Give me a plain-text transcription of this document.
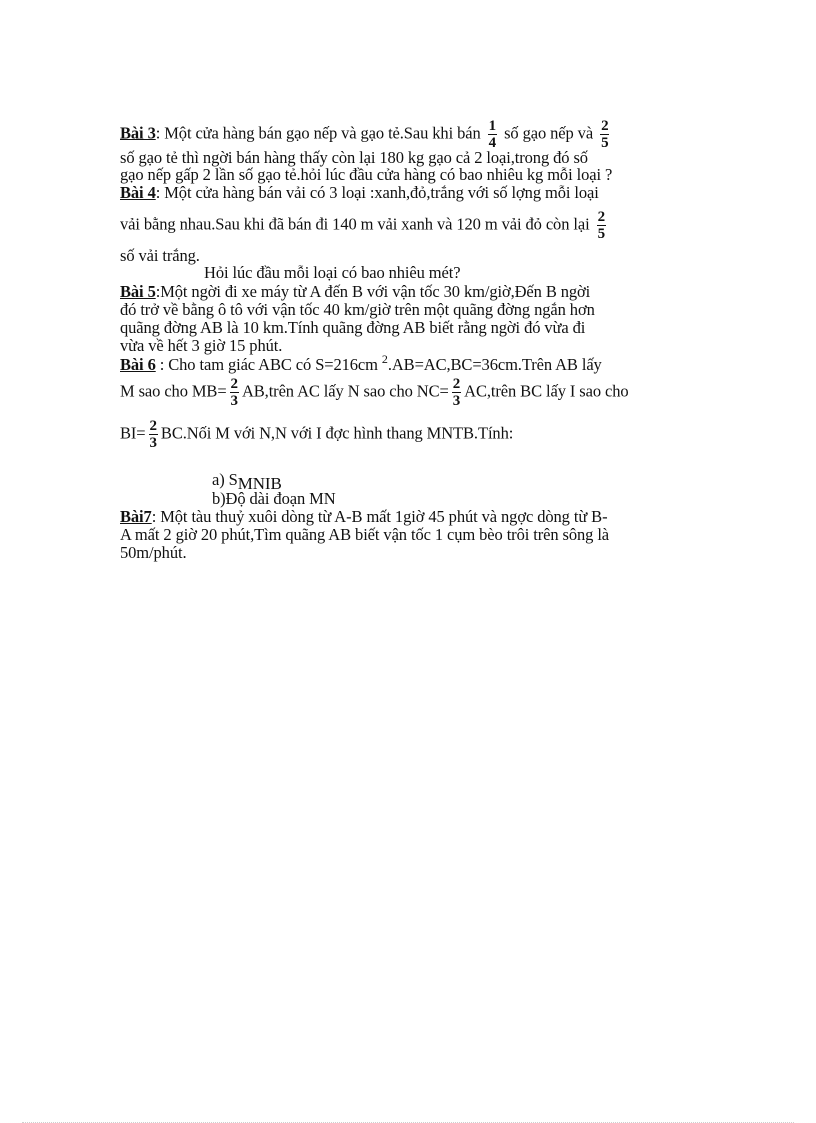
Bài 3: Một cửa hàng bán gạo nếp và gạo tẻ.Sau khi bán $\frac{1}{4}$ số gạo nếp và $\frac{2}{5}$
số gạo tẻ thì ngời bán hàng thấy còn lại 180 kg gạo cả 2 loại,trong đó số
gạo nếp gấp 2 lần số gạo tẻ.hỏi lúc đầu cửa hàng có bao nhiêu kg mỗi loại ?
Bài 4: Một cửa hàng bán vải có 3 loại :xanh,đỏ,trắng với số lợng mỗi loại
vải bằng nhau.Sau khi đã bán đi 140 m vải xanh và 120 m vải đỏ còn lại $\frac{2}{5}$
số vải trắng.
Hỏi lúc đầu mỗi loại có bao nhiêu mét?
Bài 5:Một ngời đi xe máy từ A đến B với vận tốc 30 km/giờ,Đến B ngời
đó trở về bằng ô tô với vận tốc 40 km/giờ trên một quãng đờng ngắn hơn
quãng đờng AB là 10 km.Tính quãng đờng AB biết rằng ngời đó vừa đi
vừa về hết 3 giờ 15 phút.
Bài 6 : Cho tam giác ABC có S=216cm $^2$.AB=AC,BC=36cm.Trên AB lấy
M sao cho $MB= \frac{2}{3}$ AB,trên AC lấy N sao cho $NC= \frac{2}{3}$ AC,trên BC lấy I sao cho
$BI= \frac{2}{3}$ BC.Nối M với N,N với I đợc hình thang MNTB.Tính:
a) SMNIB
b)Độ dài đoạn MN
Bài7: Một tàu thuỷ xuôi dòng từ A-B mất 1giờ 45 phút và ngợc dòng từ B-
A mất 2 giờ 20 phút,Tìm quãng AB biết vận tốc 1 cụm bèo trôi trên sông là
50m/phút.
